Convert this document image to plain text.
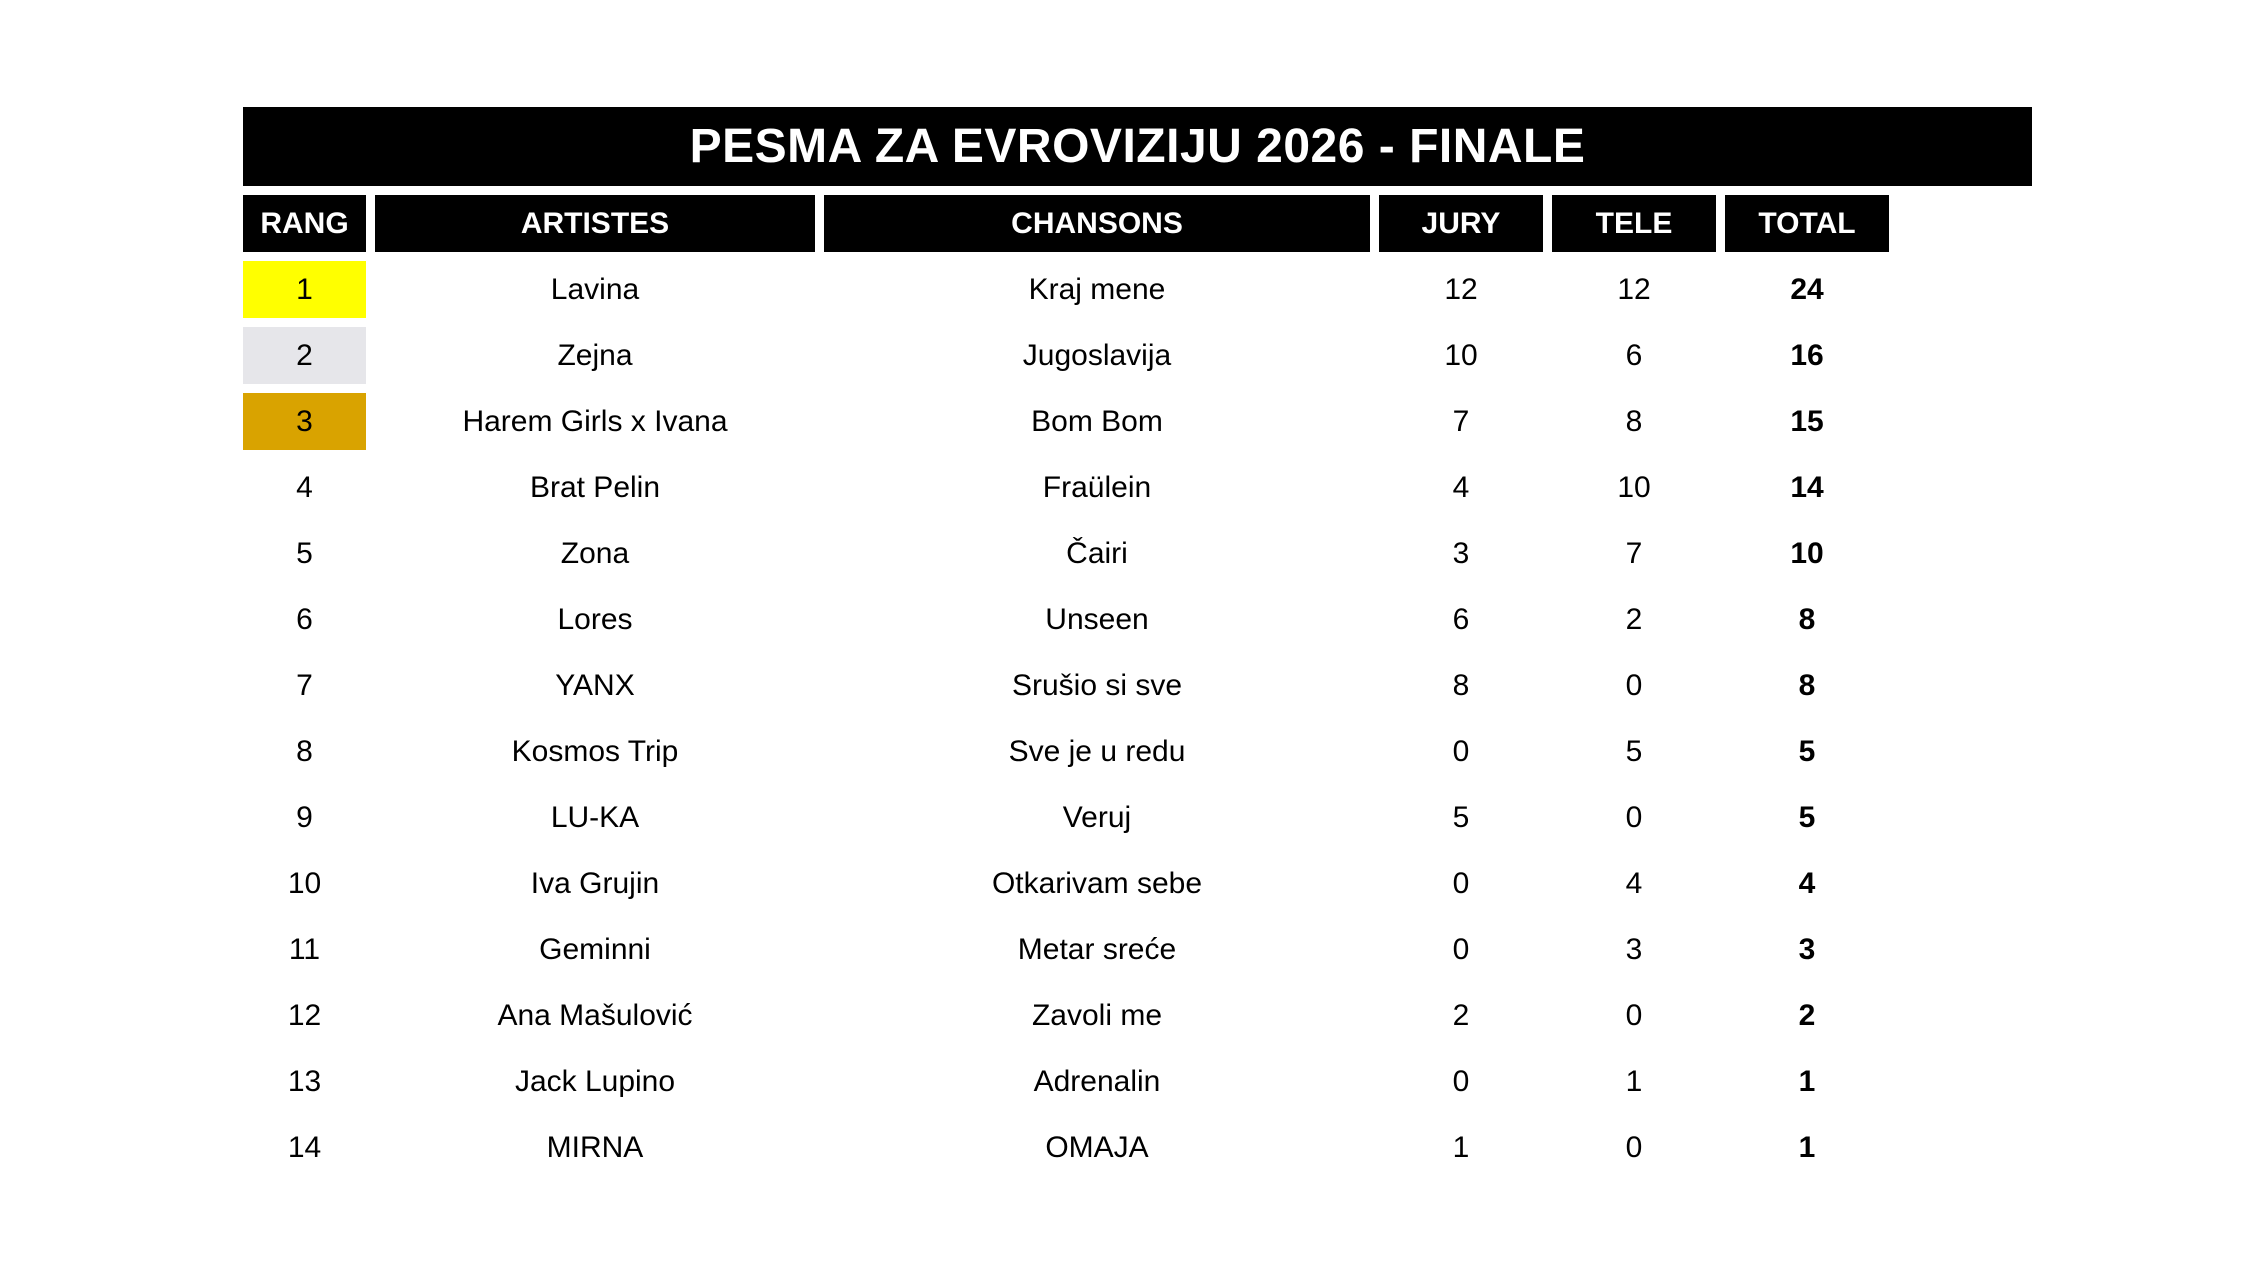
PESMA ZA EVROVIZIJU 2026 - FINALE
RANG	ARTISTES	CHANSONS	JURY	TELE	TOTAL
1	Lavina	Kraj mene	12	12	24
2	Zejna	Jugoslavija	10	6	16
3	Harem Girls x Ivana	Bom Bom	7	8	15
4	Brat Pelin	Fraülein	4	10	14
5	Zona	Čairi	3	7	10
6	Lores	Unseen	6	2	8
7	YANX	Srušio si sve	8	0	8
8	Kosmos Trip	Sve je u redu	0	5	5
9	LU-KA	Veruj	5	0	5
10	Iva Grujin	Otkarivam sebe	0	4	4
11	Geminni	Metar sreće	0	3	3
12	Ana Mašulović	Zavoli me	2	0	2
13	Jack Lupino	Adrenalin	0	1	1
14	MIRNA	OMAJA	1	0	1
